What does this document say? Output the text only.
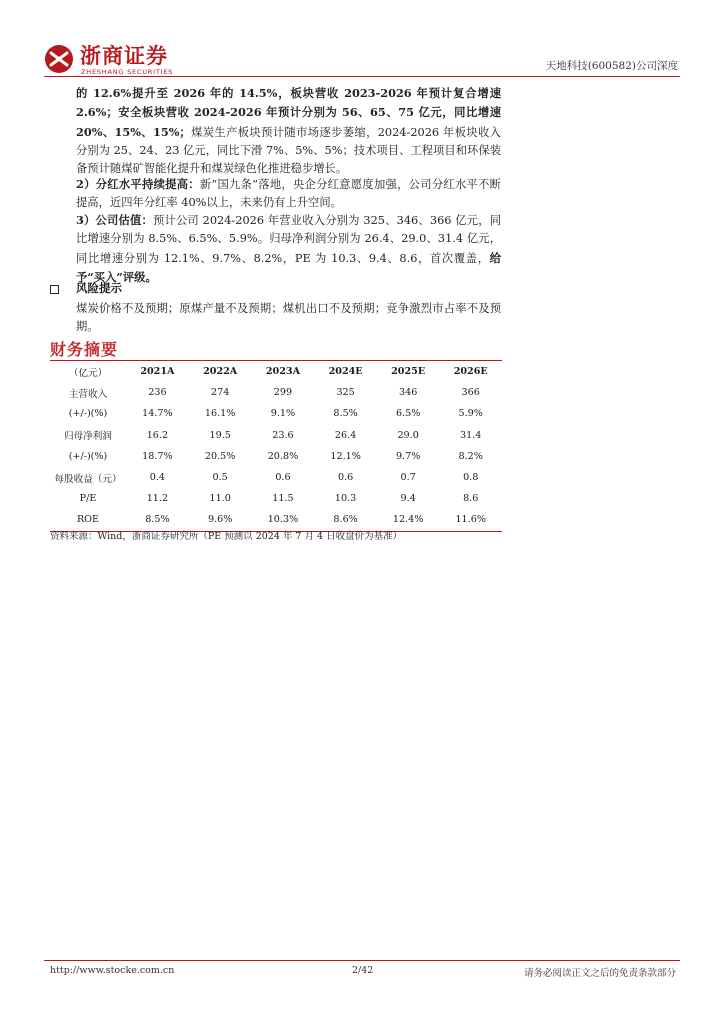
浙商证券
ZHESHANG SECURITIES	天地科技(600582)公司深度

的 12.6%提升至 2026 年的 14.5%，板块营收 2023-2026 年预计复合增速 2.6%；安全板块营收 2024-2026 年预计分别为 56、65、75 亿元，同比增速 20%、15%、15%；煤炭生产板块预计随市场逐步萎缩，2024-2026 年板块收入分别为 25、24、23 亿元，同比下滑 7%、5%、5%；技术项目、工程项目和环保装备预计随煤矿智能化提升和煤炭绿色化推进稳步增长。

2）分红水平持续提高：新“国九条”落地，央企分红意愿度加强，公司分红水平不断提高，近四年分红率 40%以上，未来仍有上升空间。

3）公司估值：预计公司 2024-2026 年营业收入分别为 325、346、366 亿元，同比增速分别为 8.5%、6.5%、5.9%。归母净利润分别为 26.4、29.0、31.4 亿元，同比增速分别为 12.1%、9.7%、8.2%，PE 为 10.3、9.4、8.6，首次覆盖，给予“买入”评级。

风险提示
煤炭价格不及预期；原煤产量不及预期；煤机出口不及预期；竞争激烈市占率不及预期。
财务摘要
（亿元）	2021A	2022A	2023A	2024E	2025E	2026E
主营收入	236	274	299	325	346	366
(+/-)(%)	14.7%	16.1%	9.1%	8.5%	6.5%	5.9%
归母净利润	16.2	19.5	23.6	26.4	29.0	31.4
(+/-)(%)	18.7%	20.5%	20.8%	12.1%	9.7%	8.2%
每股收益（元）	0.4	0.5	0.6	0.6	0.7	0.8
P/E	11.2	11.0	11.5	10.3	9.4	8.6
ROE	8.5%	9.6%	10.3%	8.6%	12.4%	11.6%
资料来源：Wind，浙商证券研究所（PE 预测以 2024 年 7 月 4 日收盘价为基准）
http://www.stocke.com.cn	2/42	请务必阅读正文之后的免责条款部分
